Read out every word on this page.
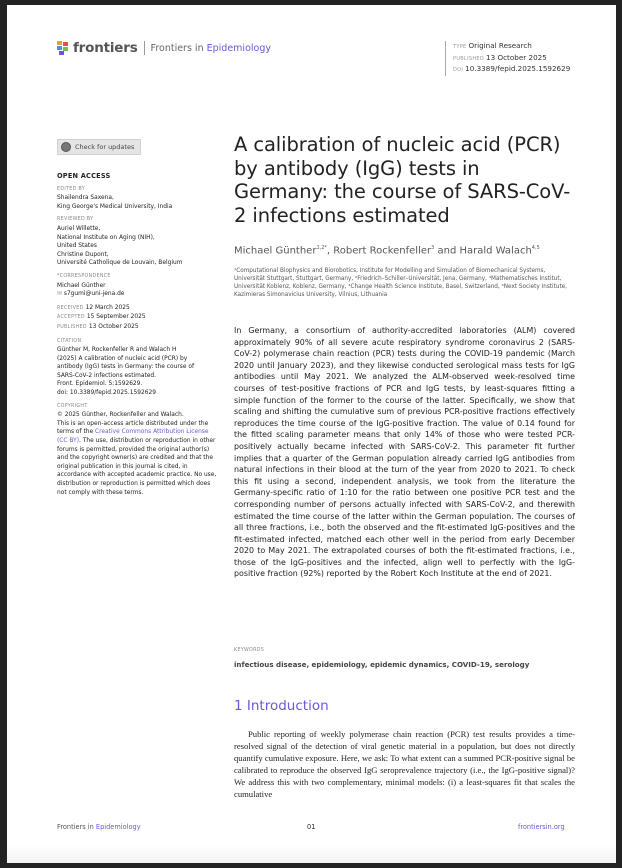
frontiers Frontiers in Epidemiology	TYPE Original Research
PUBLISHED 13 October 2025
DOI 10.3389/fepid.2025.1592629
Check for updates
OPEN ACCESS
EDITED BY
Shailendra Saxena,
King George's Medical University, India
REVIEWED BY
Auriel Willette,
National Institute on Aging (NIH),
United States
Christine Dupont,
Université Catholique de Louvain, Belgium
*CORRESPONDENCE
Michael Günther
✉ s7gumi@uni-jena.de
RECEIVED 12 March 2025
ACCEPTED 15 September 2025
PUBLISHED 13 October 2025
CITATION
Günther M, Rockenfeller R and Walach H
(2025) A calibration of nucleic acid (PCR) by
antibody (IgG) tests in Germany: the course of
SARS-CoV-2 infections estimated.
Front. Epidemiol. 5:1592629.
doi: 10.3389/fepid.2025.1592629
COPYRIGHT
© 2025 Günther, Rockenfeller and Walach.
This is an open-access article distributed under the terms of the Creative Commons Attribution License (CC BY). The use, distribution or reproduction in other forums is permitted, provided the original author(s) and the copyright owner(s) are credited and that the original publication in this journal is cited, in accordance with accepted academic practice. No use, distribution or reproduction is permitted which does not comply with these terms.
A calibration of nucleic acid (PCR) by antibody (IgG) tests in Germany: the course of SARS-CoV-2 infections estimated
Michael Günther$^{1,2*}$, Robert Rockenfeller$^3$ and Harald Walach$^{4,5}$
¹Computational Biophysics and Biorobotics, Institute for Modelling and Simulation of Biomechanical Systems, Universität Stuttgart, Stuttgart, Germany, ²Friedrich–Schiller–Universität, Jena, Germany, ³Mathematisches Institut, Universität Koblenz, Koblenz, Germany, ⁴Change Health Science Institute, Basel, Switzerland, ⁵Next Society Institute, Kazimieras Simonavicius University, Vilnius, Lithuania
In Germany, a consortium of authority-accredited laboratories (ALM) covered approximately 90% of all severe acute respiratory syndrome coronavirus 2 (SARS-CoV-2) polymerase chain reaction (PCR) tests during the COVID-19 pandemic (March 2020 until January 2023), and they likewise conducted serological mass tests for IgG antibodies until May 2021. We analyzed the ALM-observed week-resolved time courses of test-positive fractions of PCR and IgG tests, by least-squares fitting a simple function of the former to the course of the latter. Specifically, we show that scaling and shifting the cumulative sum of previous PCR-positive fractions effectively reproduces the time course of the IgG-positive fraction. The value of 0.14 found for the fitted scaling parameter means that only 14% of those who were tested PCR-positively actually became infected with SARS-CoV-2. This parameter fit further implies that a quarter of the German population already carried IgG antibodies from natural infections in their blood at the turn of the year from 2020 to 2021. To check this fit using a second, independent analysis, we took from the literature the Germany-specific ratio of 1:10 for the ratio between one positive PCR test and the corresponding number of persons actually infected with SARS-CoV-2, and therewith estimated the time course of the latter within the German population. The courses of all three fractions, i.e., both the observed and the fit-estimated IgG-positives and the fit-estimated infected, matched each other well in the period from early December 2020 to May 2021. The extrapolated courses of both the fit-estimated fractions, i.e., those of the IgG-positives and the infected, align well to perfectly with the IgG-positive fraction (92%) reported by the Robert Koch Institute at the end of 2021.
KEYWORDS
infectious disease, epidemiology, epidemic dynamics, COVID-19, serology
1 Introduction
Public reporting of weekly polymerase chain reaction (PCR) test results provides a time-resolved signal of the detection of viral genetic material in a population, but does not directly quantify cumulative exposure. Here, we ask: To what extent can a summed PCR-positive signal be calibrated to reproduce the observed IgG seroprevalence trajectory (i.e., the IgG-positive signal)? We address this with two complementary, minimal models: (i) a least-squares fit that scales the cumulative
Frontiers in Epidemiology	01	frontiersin.org
